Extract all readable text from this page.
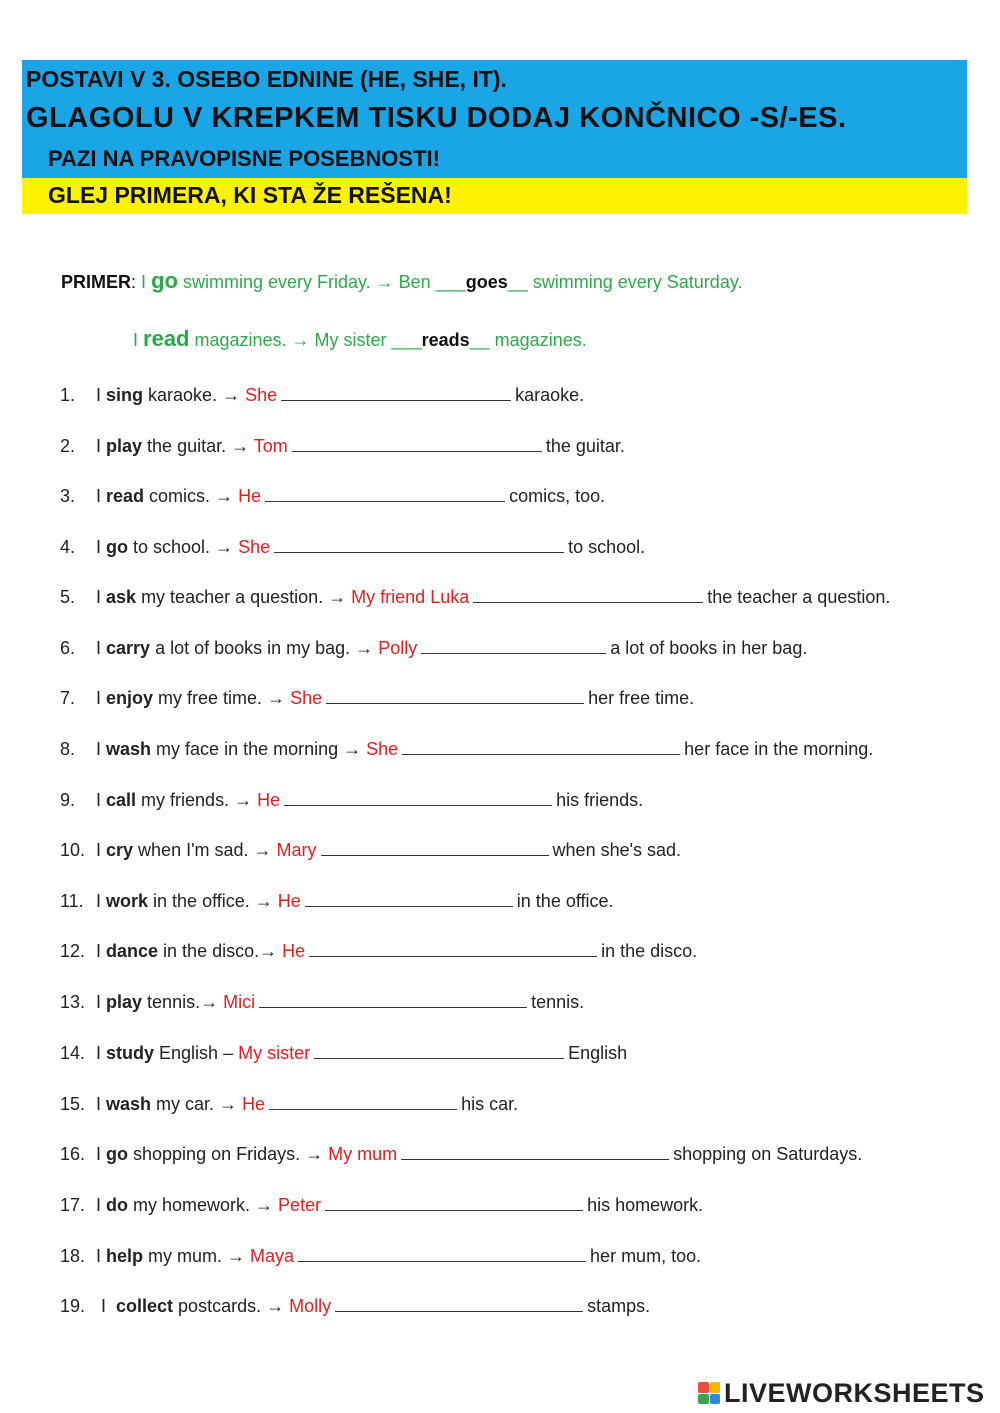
POSTAVI V 3. OSEBO EDNINE (HE, SHE, IT).
GLAGOLU V KREPKEM TISKU DODAJ KONČNICO -S/-ES.
PAZI NA PRAVOPISNE POSEBNOSTI!
GLEJ PRIMERA, KI STA ŽE REŠENA!
PRIMER: I go swimming every Friday. → Ben ___goes__ swimming every Saturday.
I read magazines. → My sister ___reads__ magazines.
1. I sing karaoke. → She	karaoke.
2. I play the guitar. → Tom	the guitar.
3. I read comics. → He	comics, too.
4. I go to school. → She	to school.
5. I ask my teacher a question. → My friend Luka	the teacher a question.
6. I carry a lot of books in my bag. → Polly	a lot of books in her bag.
7. I enjoy my free time. → She	her free time.
8. I wash my face in the morning → She	her face in the morning.
9. I call my friends. → He	his friends.
10. I cry when I'm sad. → Mary	when she's sad.
11. I work in the office. → He	in the office.
12. I dance in the disco.→ He	in the disco.
13. I play tennis.→ Mici	tennis.
14. I study English – My sister	English
15. I wash my car. → He	his car.
16. I go shopping on Fridays. → My mum	shopping on Saturdays.
17. I do my homework. → Peter	his homework.
18. I help my mum. → Maya	her mum, too.
19. I  collect postcards. → Molly	stamps.
LIVEWORKSHEETS
